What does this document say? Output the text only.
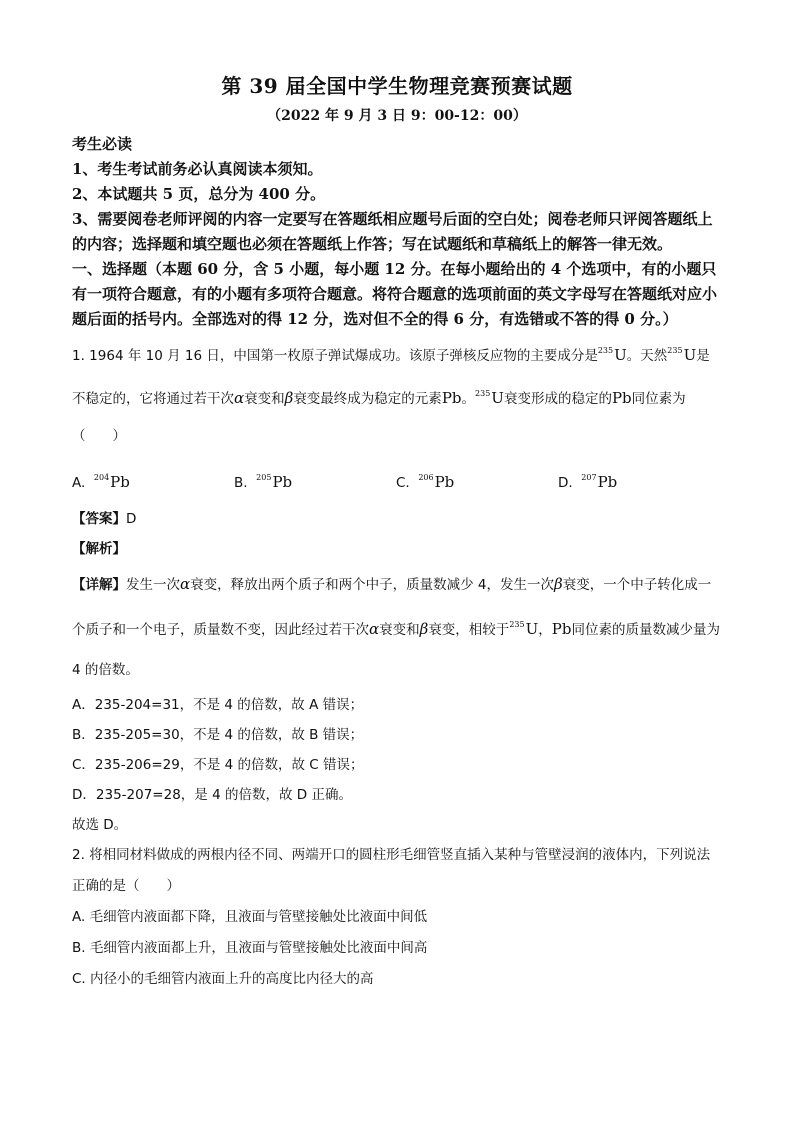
第 39 届全国中学生物理竞赛预赛试题
（2022 年 9 月 3 日 9：00-12：00）

考生必读

1、考生考试前务必认真阅读本须知。

2、本试题共 5 页，总分为 400 分。

3、需要阅卷老师评阅的内容一定要写在答题纸相应题号后面的空白处；阅卷老师只评阅答题纸上的内容；选择题和填空题也必须在答题纸上作答；写在试题纸和草稿纸上的解答一律无效。

一、选择题（本题 60 分，含 5 小题，每小题 12 分。在每小题给出的 4 个选项中，有的小题只有一项符合题意，有的小题有多项符合题意。将符合题意的选项前面的英文字母写在答题纸对应小题后面的括号内。全部选对的得 12 分，选对但不全的得 6 分，有选错或不答的得 0 分。）

1. 1964 年 10 月 16 日，中国第一枚原子弹试爆成功。该原子弹核反应物的主要成分是$^{235}$U。天然$^{235}$U是不稳定的，它将通过若干次α衰变和β衰变最终成为稳定的元素Pb。$^{235}$U衰变形成的稳定的Pb同位素为（　　）

A. $^{204}$Pb	B. $^{205}$Pb	C. $^{206}$Pb	D. $^{207}$Pb

【答案】D

【解析】

【详解】发生一次α衰变，释放出两个质子和两个中子，质量数减少 4，发生一次β衰变，一个中子转化成一个质子和一个电子，质量数不变，因此经过若干次α衰变和β衰变，相较于$^{235}$U，Pb同位素的质量数减少量为 4 的倍数。

A．235-204=31，不是 4 的倍数，故 A 错误；

B．235-205=30，不是 4 的倍数，故 B 错误；

C．235-206=29，不是 4 的倍数，故 C 错误；

D．235-207=28，是 4 的倍数，故 D 正确。

故选 D。

2. 将相同材料做成的两根内径不同、两端开口的圆柱形毛细管竖直插入某种与管壁浸润的液体内，下列说法正确的是（　　）

A. 毛细管内液面都下降，且液面与管壁接触处比液面中间低

B. 毛细管内液面都上升，且液面与管壁接触处比液面中间高

C. 内径小的毛细管内液面上升的高度比内径大的高
